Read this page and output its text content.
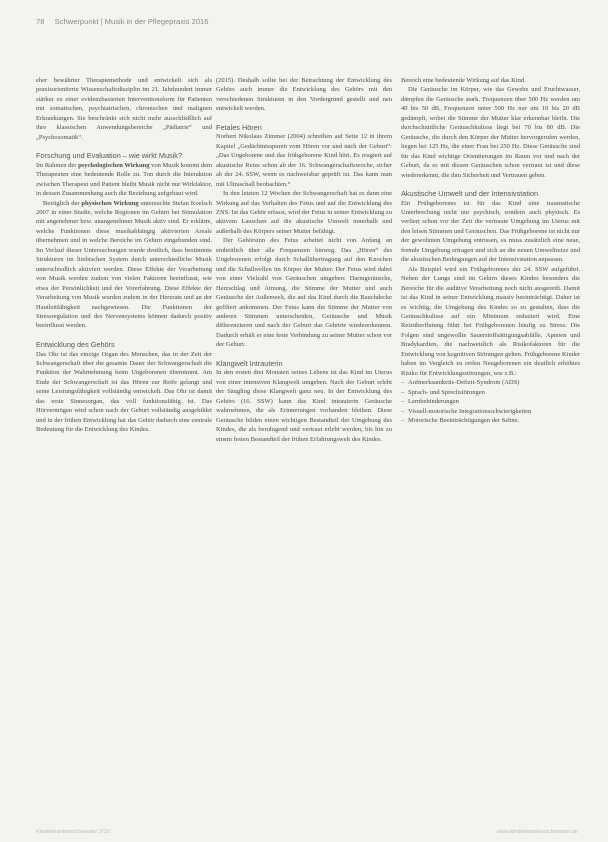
78 Schwerpunkt | Musik in der Pflegepraxis 2016

eher bewährter Therapiemethode und entwickelt sich als praxisorientierte Wissenschaftsdisziplin im 21. Jahrhundert immer stärker zu einer evidenzbasierten Interventionsform für Patienten mit somatischen, psychiatrischen, chronischen und malignen Erkrankungen. Sie beschränkt sich nicht mehr ausschließlich auf ihre klassischen Anwendungsbereiche „Pädiatrie“ und „Psychosomatik“.

Forschung und Evaluation – wie wirkt Musik?

Im Rahmen der psychologischen Wirkung von Musik kommt dem Therapeuten eine bedeutende Rolle zu. Ton durch die Interaktion zwischen Therapeut und Patient bleibt Musik nicht nur Wirkfaktor, in dessen Zusammenhang auch die Beziehung aufgebaut wird.

Bezüglich der physischen Wirkung untersuchte Stefan Koelsch 2007 in einer Studie, welche Regionen im Gehirn bei Stimulation mit angenehmer bzw. unangenehmer Musik aktiv sind. Er erklärte, welche Funktionen diese musikabhängig aktivierten Areale übernehmen und in welche Bereiche im Gehirn eingebunden sind. Im Verlauf dieser Untersuchungen wurde deutlich, dass bestimmte Strukturen im limbischen System durch unterschiedliche Musik unterschiedlich aktiviert werden. Diese Effekte der Verarbeitung von Musik werden zudem von vielen Faktoren beeinflusst, wie etwa der Persönlichkeit und der Vorerfahrung. Diese Effekte der Verarbeitung von Musik wurden zudem in der Herzrate und an der Hautleitfähigkeit nachgewiesen. Die Funktionen der Stressregulation und des Nervensystems können dadurch positiv beeinflusst werden.

Entwicklung des Gehörs

Das Ohr ist das einzige Organ des Menschen, das in der Zeit der Schwangerschaft über die gesamte Dauer der Schwangerschaft die Funktion der Wahrnehmung beim Ungeborenen übernimmt. Am Ende der Schwangerschaft ist das Hören zur Reife gelangt und seine Leistungsfähigkeit vollständig entwickelt. Das Ohr ist damit das erste Sinnesorgan, das voll funktionsfähig ist. Das Hörvermögen wird schon nach der Geburt vollständig ausgebildet und in der frühen Entwicklung hat das Gehör dadurch eine zentrale Bedeutung für die Entwicklung des Kindes.

(2015). Deshalb sollte bei der Betrachtung der Entwicklung des Gehörs auch immer die Entwicklung des Gehörs mit den verschiedenen Strukturen in den Vordergrund gestellt und neu entwickelt werden.

Fetales Hören

Norbert Nikolaus Zimmer (2004) schreiben auf Seite 12 in ihrem Kapitel „Gedächtnisspuren vom Hören vor und nach der Geburt“: „Das Ungeborene und das frühgeborene Kind hört. Es reagiert auf akustische Reize schon ab der 16. Schwangerschaftswoche, sicher ab der 24. SSW, wenn es nachweisbar geprüft ist. Das kann man mit Ultraschall beobachten.“

In den letzten 12 Wochen der Schwangerschaft hat es dann eine Wirkung auf das Verhalten des Fetus und auf die Entwicklung des ZNS. Ist das Gehör erfasst, wird der Fetus in seiner Entwicklung zu aktivem Lauschen auf die akustische Umwelt innerhalb und außerhalb des Körpers seiner Mutter befähigt.

Der Gehörsinn des Fetus arbeitet nicht von Anfang an einheitlich über alle Frequenzen hinweg. Das „Hören“ des Ungeborenen erfolgt durch Schallübertragung auf den Knochen und die Schallwellen im Körper der Mutter. Der Fetus wird dabei von einer Vielzahl von Geräuschen umgeben: Darmgeräusche, Herzschlag und Atmung, die Stimme der Mutter und auch Geräusche der Außenwelt, die auf das Kind durch die Bauchdecke gefiltert ankommen. Der Fetus kann die Stimme der Mutter von anderen Stimmen unterscheiden, Geräusche und Musik differenzieren und nach der Geburt das Gehörte wiedererkennen. Dadurch erhält er eine feste Verbindung zu seiner Mutter schon vor der Geburt.

Klangwelt Intrauterin

In den ersten drei Monaten seines Lebens ist das Kind im Uterus von einer intensiven Klangwelt umgeben. Nach der Geburt erlebt der Säugling diese Klangwelt ganz neu. In der Entwicklung des Gehörs (16. SSW) kann das Kind intrauterin Geräusche wahrnehmen, die als Erinnerungen vorhanden bleiben. Diese Geräusche bilden einen wichtigen Bestandteil der Umgebung des Kindes, die als beruhigend und vertraut erlebt werden, bis hin zu einem festen Bestandteil der frühen Erfahrungswelt des Kindes.

Bereich eine bedeutende Wirkung auf das Kind.

Die Geräusche im Körper, wie das Gewebe und Fruchtwasser, dämpfen die Geräusche stark. Frequenzen über 500 Hz werden um 40 bis 50 dB, Frequenzen unter 500 Hz nur um 10 bis 20 dB gedämpft, wobei die Stimme der Mutter klar erkennbar bleibt. Die durchschnittliche Geräuschkulisse liegt bei 70 bis 80 dB. Die Geräusche, die durch den Körper der Mutter hervorgerufen werden, liegen bei 125 Hz, die einer Frau bei 250 Hz. Diese Geräusche sind für das Kind wichtige Orientierungen im Raum vor und nach der Geburt, da es mit diesen Geräuschen schon vertraut ist und diese wiedererkennt, die ihm Sicherheit und Vertrauen geben.

Akustische Umwelt und der Intensivstation

Ein Frühgeborenes ist für das Kind eine traumatische Unterbrechung nicht nur psychisch, sondern auch physisch. Es verliert schon vor der Zeit die vertraute Umgebung im Uterus mit den leisen Stimmen und Geräuschen. Das Frühgeborene ist nicht nur der gewohnten Umgebung entrissen, es muss zusätzlich eine neue, fremde Umgebung ertragen und sich an die neuen Umweltreize und die akustischen Bedingungen auf der Intensivstation anpassen.

Als Beispiel wird ein Frühgeborenes der 24. SSW aufgeführt. Neben der Lunge sind im Gehirn dieses Kindes besonders die Bereiche für die auditive Verarbeitung noch nicht ausgereift. Damit ist das Kind in seiner Entwicklung massiv beeinträchtigt. Daher ist es wichtig, die Umgebung des Kindes so zu gestalten, dass die Geräuschkulisse auf ein Minimum reduziert wird. Eine Reizüberflutung führt bei Frühgeborenen häufig zu Stress. Die Folgen sind ungewollte Sauerstoffsättigungsabfälle, Apnoen und Bradykardien, die nachweislich als Risikofaktoren für die Entwicklung von kognitiven Störungen gelten. Frühgeborene Kinder haben im Vergleich zu reifen Neugeborenen ein deutlich erhöhtes Risiko für Entwicklungsstörungen, wie z.B.:

– Aufmerksamkeits-Defizit-Syndrom (ADS)
– Sprach- und Sprechstörungen
– Lernbehinderungen
– Visuell-motorische Integrationsschwierigkeiten
– Motorische Beeinträchtigungen der Sehne.
Kinderkrankenschwester 3/16	www.kinderkrankenschwester.de
